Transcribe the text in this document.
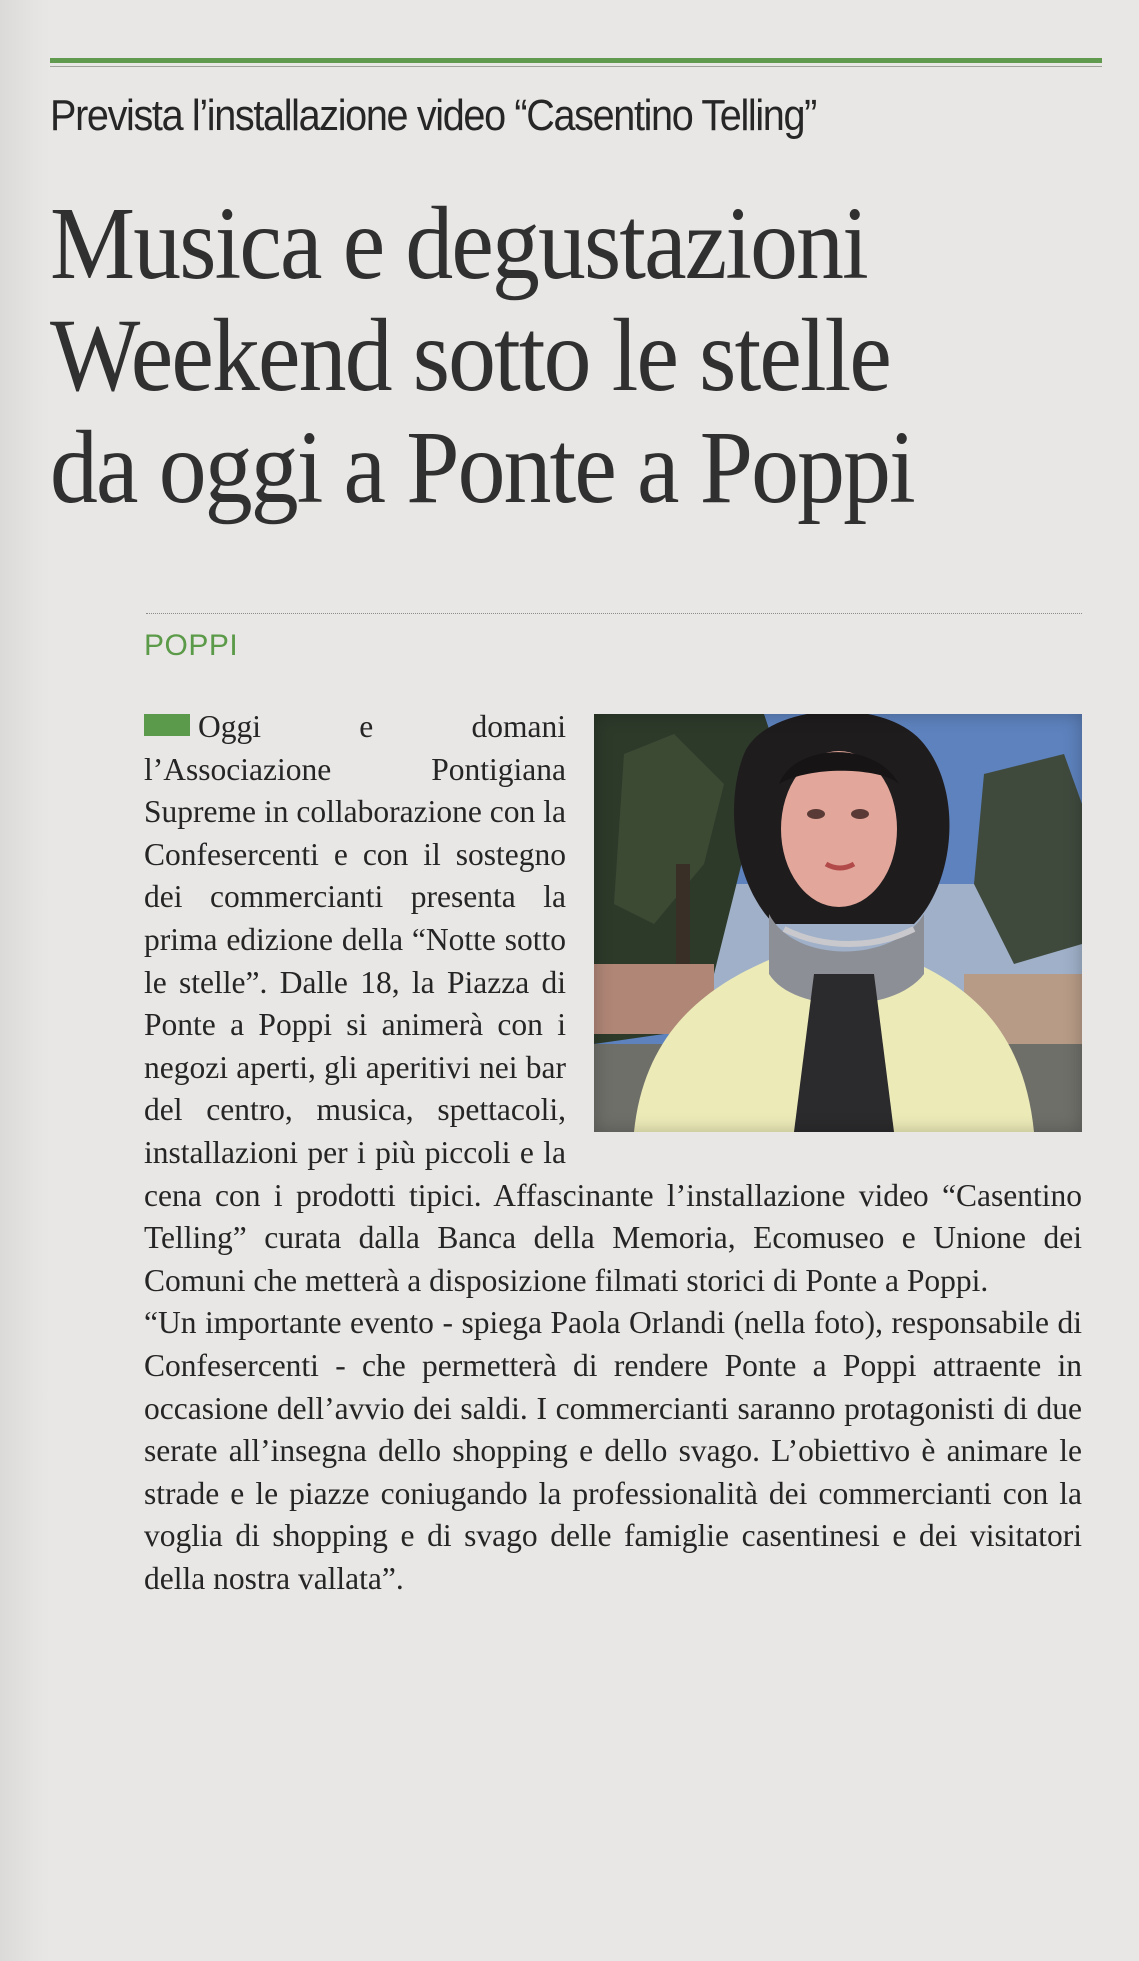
Prevista l’installazione video “Casentino Telling”
Musica e degustazioni
Weekend sotto le stelle
da oggi a Ponte a Poppi
POPPI

Oggi e domani l’Associazione Pontigiana Supreme in collaborazione con la Confesercenti e con il sostegno dei commercianti presenta la prima edizione della “Notte sotto le stelle”. Dalle 18, la Piazza di Ponte a Poppi si animerà con i negozi aperti, gli aperitivi nei bar del centro, musica, spettacoli, installazioni per i più piccoli e la cena con i prodotti tipici. Affascinante l’installazione video “Casentino Telling” curata dalla Banca della Memoria, Ecomuseo e Unione dei Comuni che metterà a disposizione filmati storici di Ponte a Poppi.

“Un importante evento - spiega Paola Orlandi (nella foto), responsabile di Confesercenti - che permetterà di rendere Ponte a Poppi attraente in occasione dell’avvio dei saldi. I commercianti saranno protagonisti di due serate all’insegna dello shopping e dello svago. L’obiettivo è animare le strade e le piazze coniugando la professionalità dei commercianti con la voglia di shopping e di svago delle famiglie casentinesi e dei visitatori della nostra vallata”.
